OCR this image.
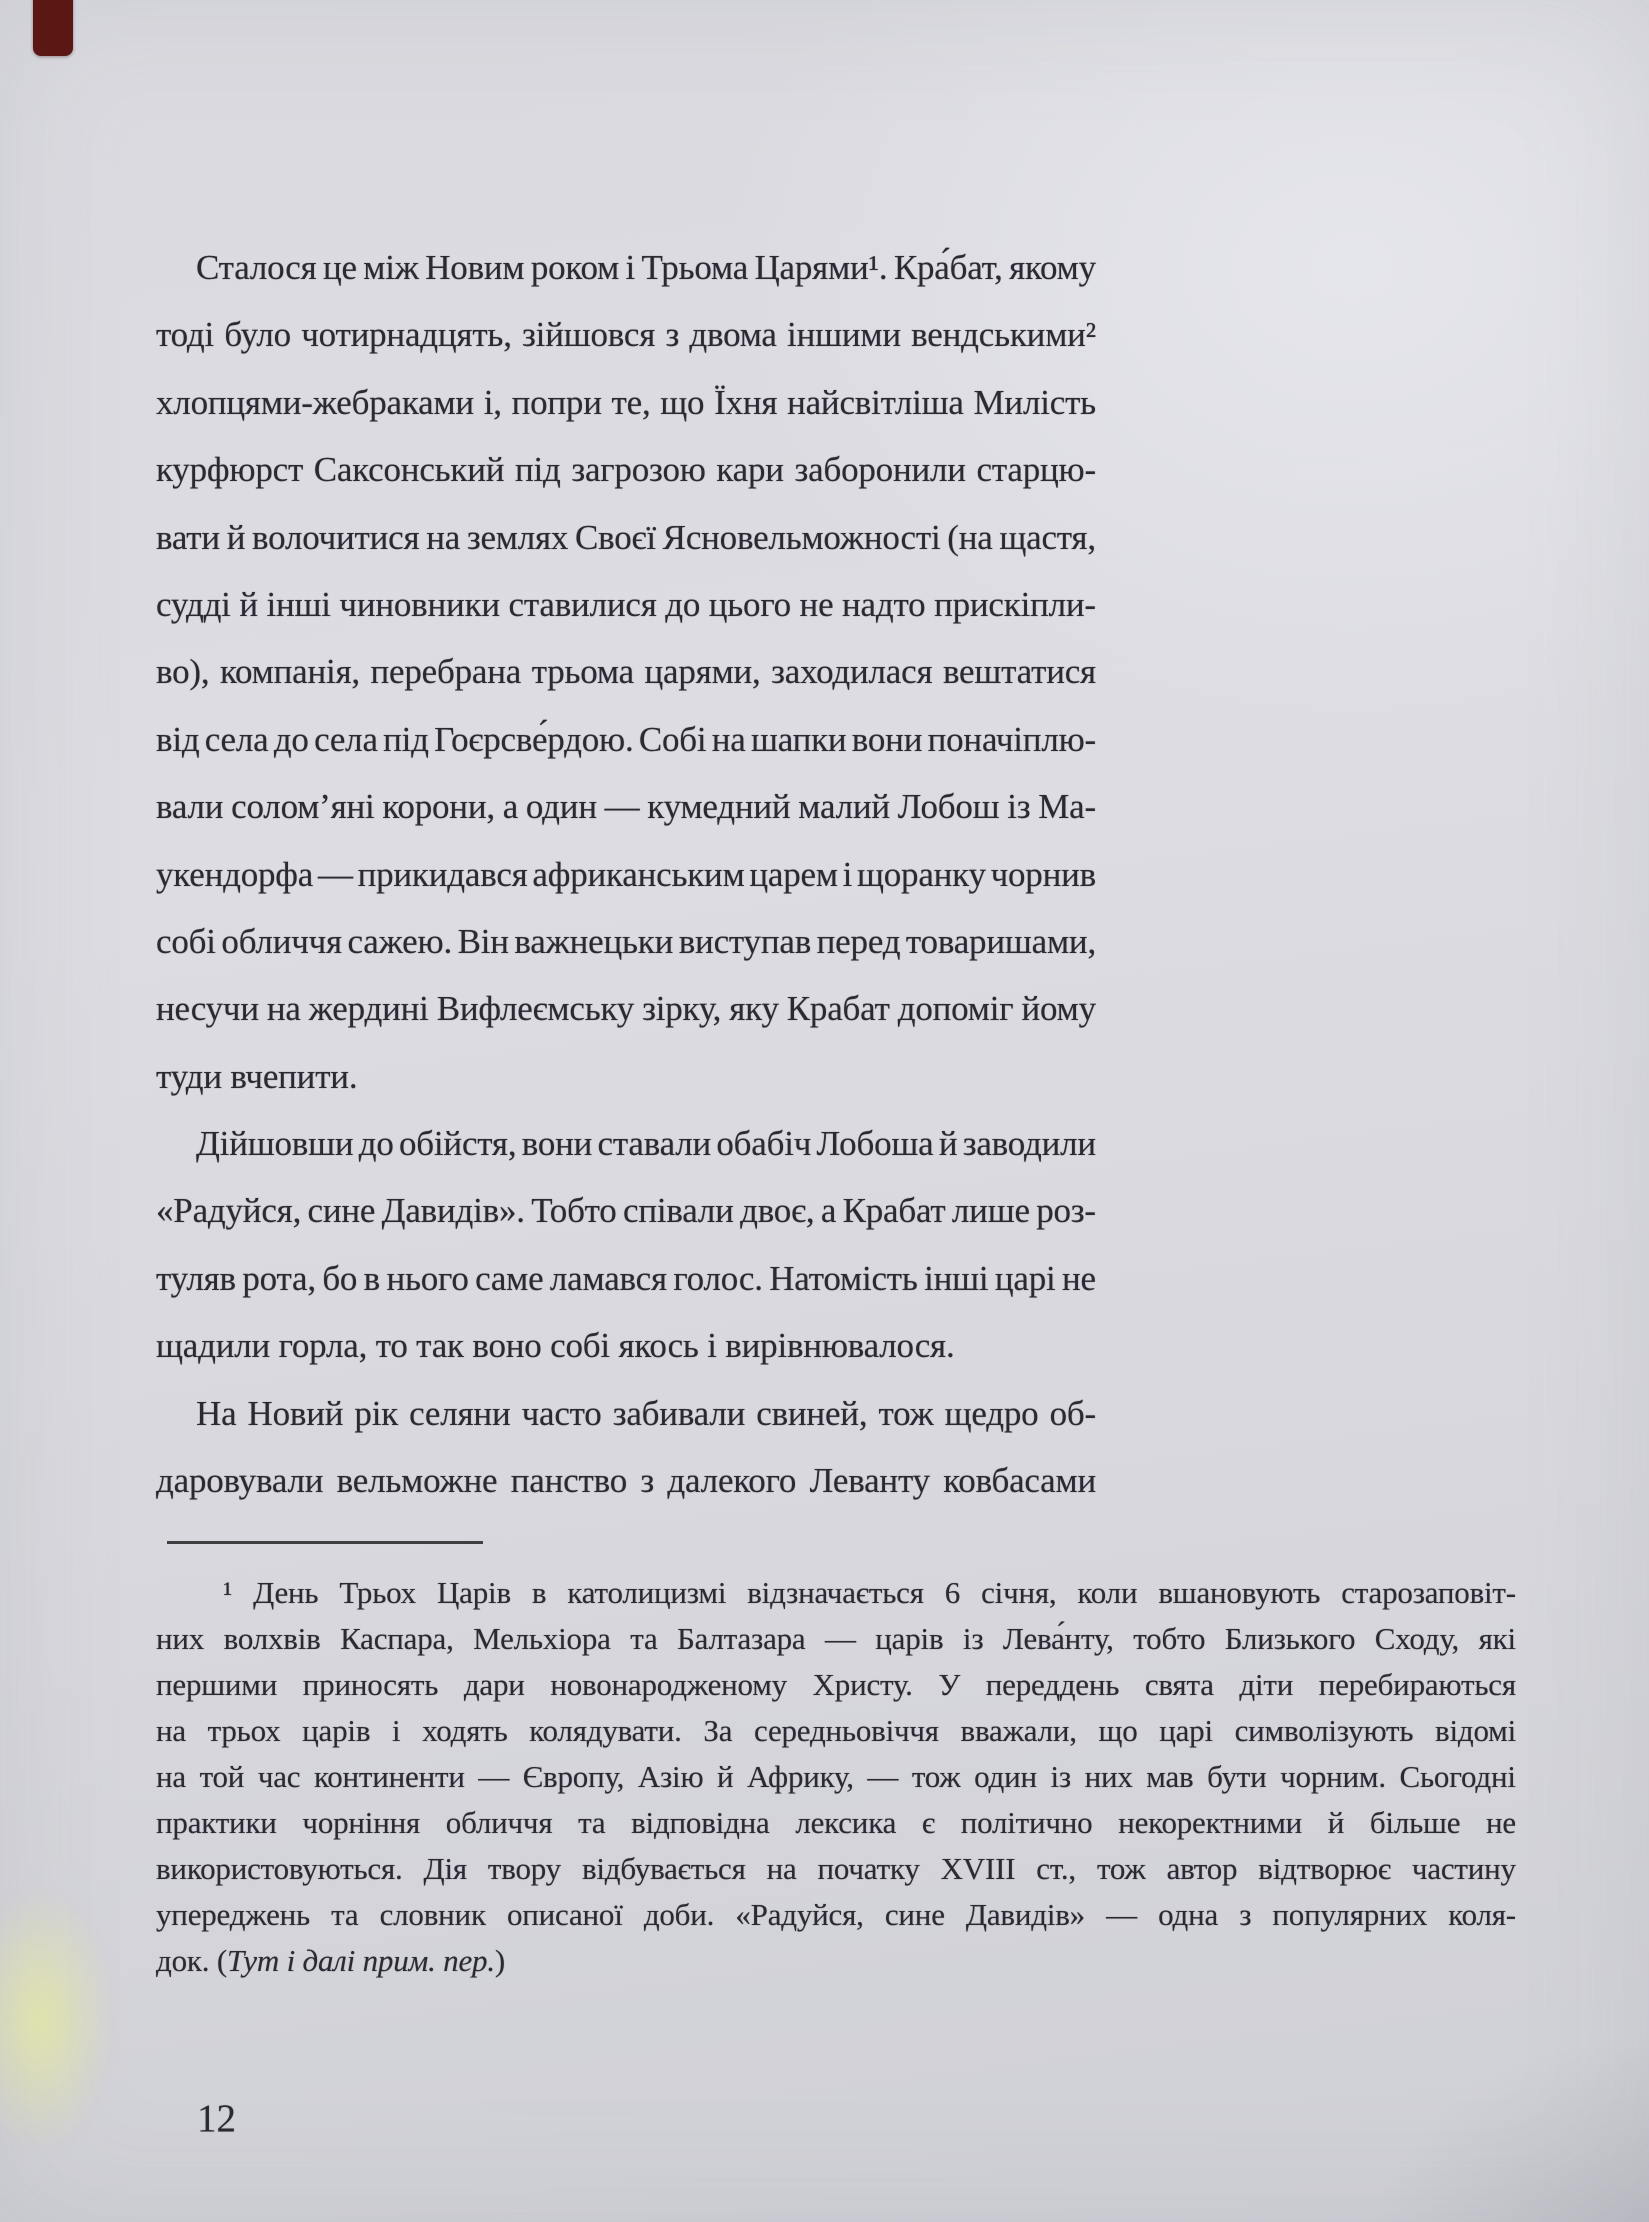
Сталося це між Новим роком і Трьома Царями¹. Кра́бат, якому
тоді було чотирнадцять, зійшовся з двома іншими вендськими²
хлопцями-жебраками і, попри те, що Їхня найсвітліша Милість
курфюрст Саксонський під загрозою кари заборонили старцю-
вати й волочитися на землях Своєї Ясновельможності (на щастя,
судді й інші чиновники ставилися до цього не надто прискіпли-
во), компанія, перебрана трьома царями, заходилася вештатися
від села до села під Гоєрсве́рдою. Собі на шапки вони поначіплю-
вали солом’яні корони, а один — кумедний малий Лобош із Ма-
укендорфа — прикидався африканським царем і щоранку чорнив
собі обличчя сажею. Він важнецьки виступав перед товаришами,
несучи на жердині Вифлеємську зірку, яку Крабат допоміг йому
туди вчепити.
Дійшовши до обійстя, вони ставали обабіч Лобоша й заводили
«Радуйся, сине Давидів». Тобто співали двоє, а Крабат лише роз-
туляв рота, бо в нього саме ламався голос. Натомість інші царі не
щадили горла, то так воно собі якось і вирівнювалося.
На Новий рік селяни часто забивали свиней, тож щедро об-
даровували вельможне панство з далекого Леванту ковбасами
¹ День Трьох Царів в католицизмі відзначається 6 січня, коли вшановують старозаповіт-
них волхвів Каспара, Мельхіора та Балтазара — царів із Лева́нту, тобто Близького Сходу, які
першими приносять дари новонародженому Христу. У переддень свята діти перебираються
на трьох царів і ходять колядувати. За середньовіччя вважали, що царі символізують відомі
на той час континенти — Європу, Азію й Африку, — тож один із них мав бути чорним. Сьогодні
практики чорніння обличчя та відповідна лексика є політично некоректними й більше не
використовуються. Дія твору відбувається на початку XVIII ст., тож автор відтворює частину
упереджень та словник описаної доби. «Радуйся, сине Давидів» — одна з популярних коля-
док. (Тут і далі прим. пер.)
12
